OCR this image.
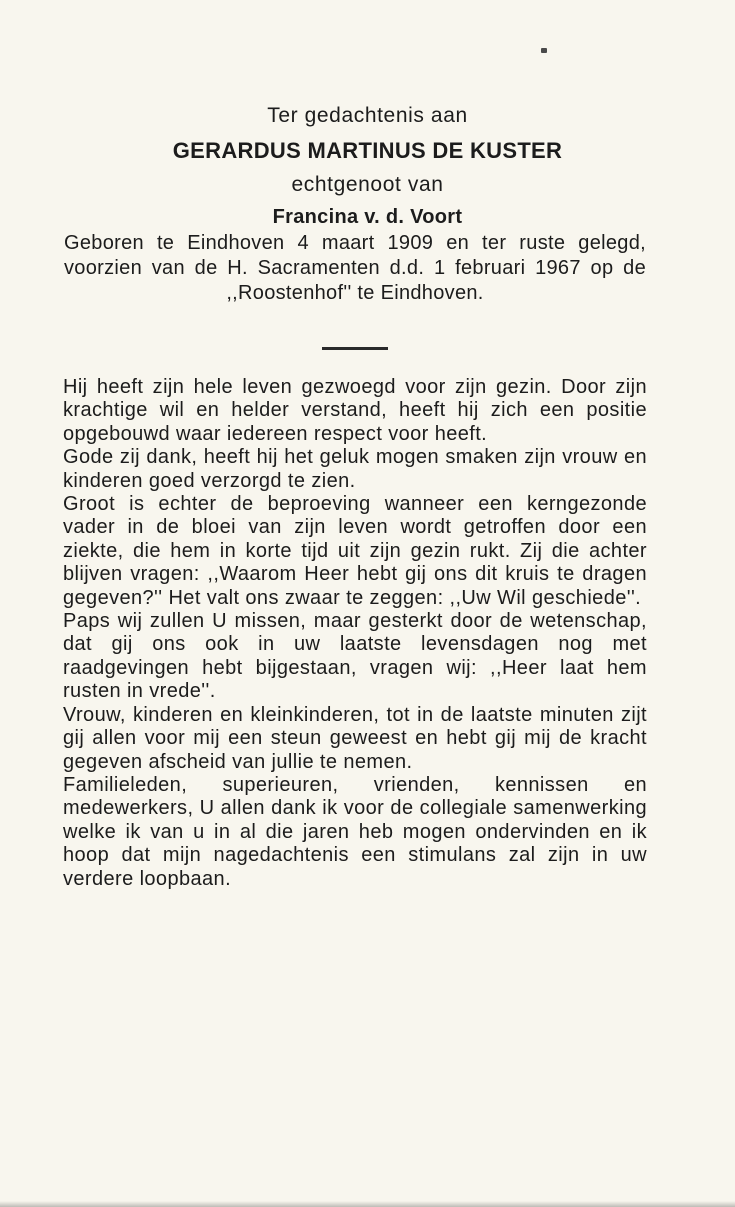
Ter gedachtenis aan

GERARDUS MARTINUS DE KUSTER

echtgenoot van

Francina v. d. Voort

Geboren te Eindhoven 4 maart 1909 en ter ruste gelegd, voorzien van de H. Sacramenten d.d. 1 februari 1967 op de ,,Roostenhof'' te Eindhoven.

Hij heeft zijn hele leven gezwoegd voor zijn gezin. Door zijn krachtige wil en helder verstand, heeft hij zich een positie opgebouwd waar iedereen respect voor heeft.

Gode zij dank, heeft hij het geluk mogen smaken zijn vrouw en kinderen goed verzorgd te zien.

Groot is echter de beproeving wanneer een kerngezonde vader in de bloei van zijn leven wordt getroffen door een ziekte, die hem in korte tijd uit zijn gezin rukt. Zij die achter blijven vragen: ,,Waarom Heer hebt gij ons dit kruis te dragen gegeven?'' Het valt ons zwaar te zeggen: ,,Uw Wil geschiede''.

Paps wij zullen U missen, maar gesterkt door de wetenschap, dat gij ons ook in uw laatste levensdagen nog met raadgevingen hebt bijgestaan, vragen wij: ,,Heer laat hem rusten in vrede''.

Vrouw, kinderen en kleinkinderen, tot in de laatste minuten zijt gij allen voor mij een steun geweest en hebt gij mij de kracht gegeven afscheid van jullie te nemen.

Familieleden, superieuren, vrienden, kennissen en medewerkers, U allen dank ik voor de collegiale samenwerking welke ik van u in al die jaren heb mogen ondervinden en ik hoop dat mijn nagedachtenis een stimulans zal zijn in uw verdere loopbaan.
